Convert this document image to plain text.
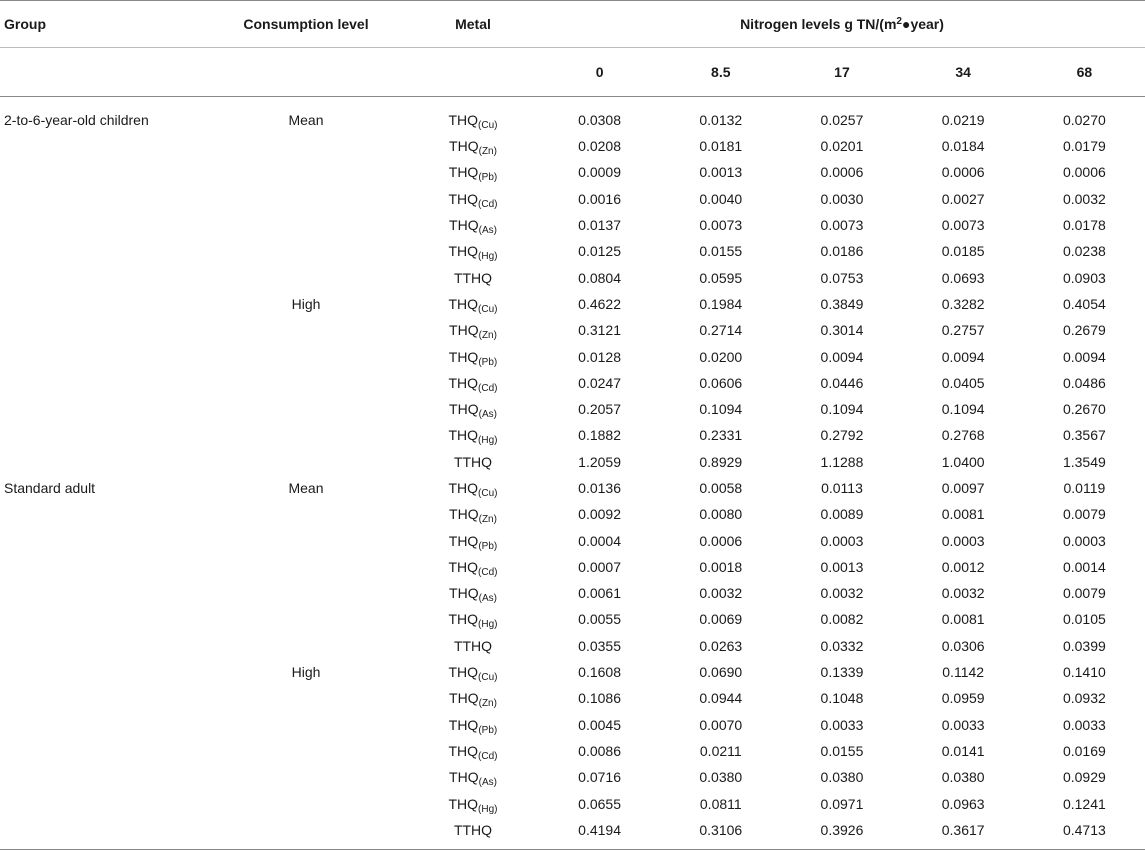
Group	Consumption level	Metal	Nitrogen levels g $TN/(m^2●year)$				
			0	8.5	17	34	68
2-to-6-year-old children	Mean	$THQ_{(Cu)}$	0.0308	0.0132	0.0257	0.0219	0.0270
		$THQ_{(Zn)}$	0.0208	0.0181	0.0201	0.0184	0.0179
		$THQ_{(Pb)}$	0.0009	0.0013	0.0006	0.0006	0.0006
		$THQ_{(Cd)}$	0.0016	0.0040	0.0030	0.0027	0.0032
		$THQ_{(As)}$	0.0137	0.0073	0.0073	0.0073	0.0178
		$THQ_{(Hg)}$	0.0125	0.0155	0.0186	0.0185	0.0238
		TTHQ	0.0804	0.0595	0.0753	0.0693	0.0903
	High	$THQ_{(Cu)}$	0.4622	0.1984	0.3849	0.3282	0.4054
		$THQ_{(Zn)}$	0.3121	0.2714	0.3014	0.2757	0.2679
		$THQ_{(Pb)}$	0.0128	0.0200	0.0094	0.0094	0.0094
		$THQ_{(Cd)}$	0.0247	0.0606	0.0446	0.0405	0.0486
		$THQ_{(As)}$	0.2057	0.1094	0.1094	0.1094	0.2670
		$THQ_{(Hg)}$	0.1882	0.2331	0.2792	0.2768	0.3567
		TTHQ	1.2059	0.8929	1.1288	1.0400	1.3549
Standard adult	Mean	$THQ_{(Cu)}$	0.0136	0.0058	0.0113	0.0097	0.0119
		$THQ_{(Zn)}$	0.0092	0.0080	0.0089	0.0081	0.0079
		$THQ_{(Pb)}$	0.0004	0.0006	0.0003	0.0003	0.0003
		$THQ_{(Cd)}$	0.0007	0.0018	0.0013	0.0012	0.0014
		$THQ_{(As)}$	0.0061	0.0032	0.0032	0.0032	0.0079
		$THQ_{(Hg)}$	0.0055	0.0069	0.0082	0.0081	0.0105
		TTHQ	0.0355	0.0263	0.0332	0.0306	0.0399
	High	$THQ_{(Cu)}$	0.1608	0.0690	0.1339	0.1142	0.1410
		$THQ_{(Zn)}$	0.1086	0.0944	0.1048	0.0959	0.0932
		$THQ_{(Pb)}$	0.0045	0.0070	0.0033	0.0033	0.0033
		$THQ_{(Cd)}$	0.0086	0.0211	0.0155	0.0141	0.0169
		$THQ_{(As)}$	0.0716	0.0380	0.0380	0.0380	0.0929
		$THQ_{(Hg)}$	0.0655	0.0811	0.0971	0.0963	0.1241
		TTHQ	0.4194	0.3106	0.3926	0.3617	0.4713
